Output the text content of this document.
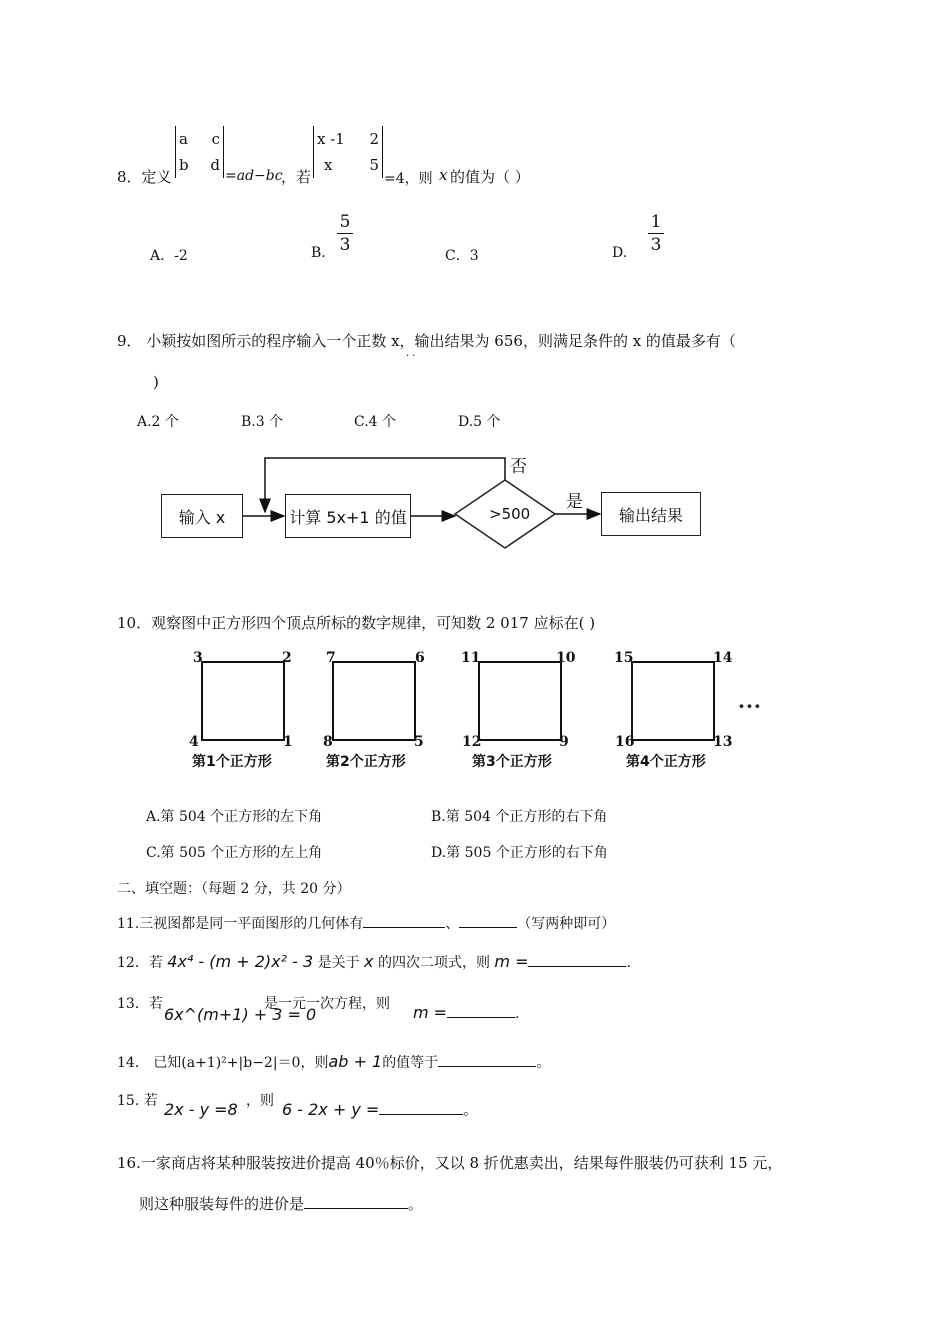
8．定义
a c
b d
=ad−bc
，若
x -1 2
x 5
=4，则 x 的值为（ ）
A．-2	B.
5
3
C．3	D.
1
3
9． 小颖按如图所示的程序输入一个正数 x，输出结果为 656，则满足条件的 x 的值最多有（
· ·
)
A.2 个	B.3 个	C.4 个	D.5 个
输入 x	计算 5x+1 的值	>500	输出结果
否
是
10．观察图中正方形四个顶点所标的数字规律，可知数 2 017 应标在( )
3	2
4	1
第1个正方形
7	6
8	5
第2个正方形
11	10
12	9
第3个正方形
15	14
16	13
第4个正方形
···
A.第 504 个正方形的左下角	B.第 504 个正方形的右下角
C.第 505 个正方形的左上角	D.第 505 个正方形的右下角
二、填空题：（每题 2 分，共 20 分）
11.三视图都是同一平面图形的几何体有	、	（写两种即可）
12．若 4x⁴ - (m + 2)x² - 3 是关于 x 的四次二项式，则 m =	.
13．若
6x^(m+1) + 3 = 0
是一元一次方程，则 m =	.
14． 已知(a+1)²+|b−2|＝0，则ab + 1的值等于	。
15. 若 2x - y =8 ，则 6 - 2x + y =	。
16.一家商店将某种服装按进价提高 40％标价，又以 8 折优惠卖出，结果每件服装仍可获利 15 元，
则这种服装每件的进价是	。
